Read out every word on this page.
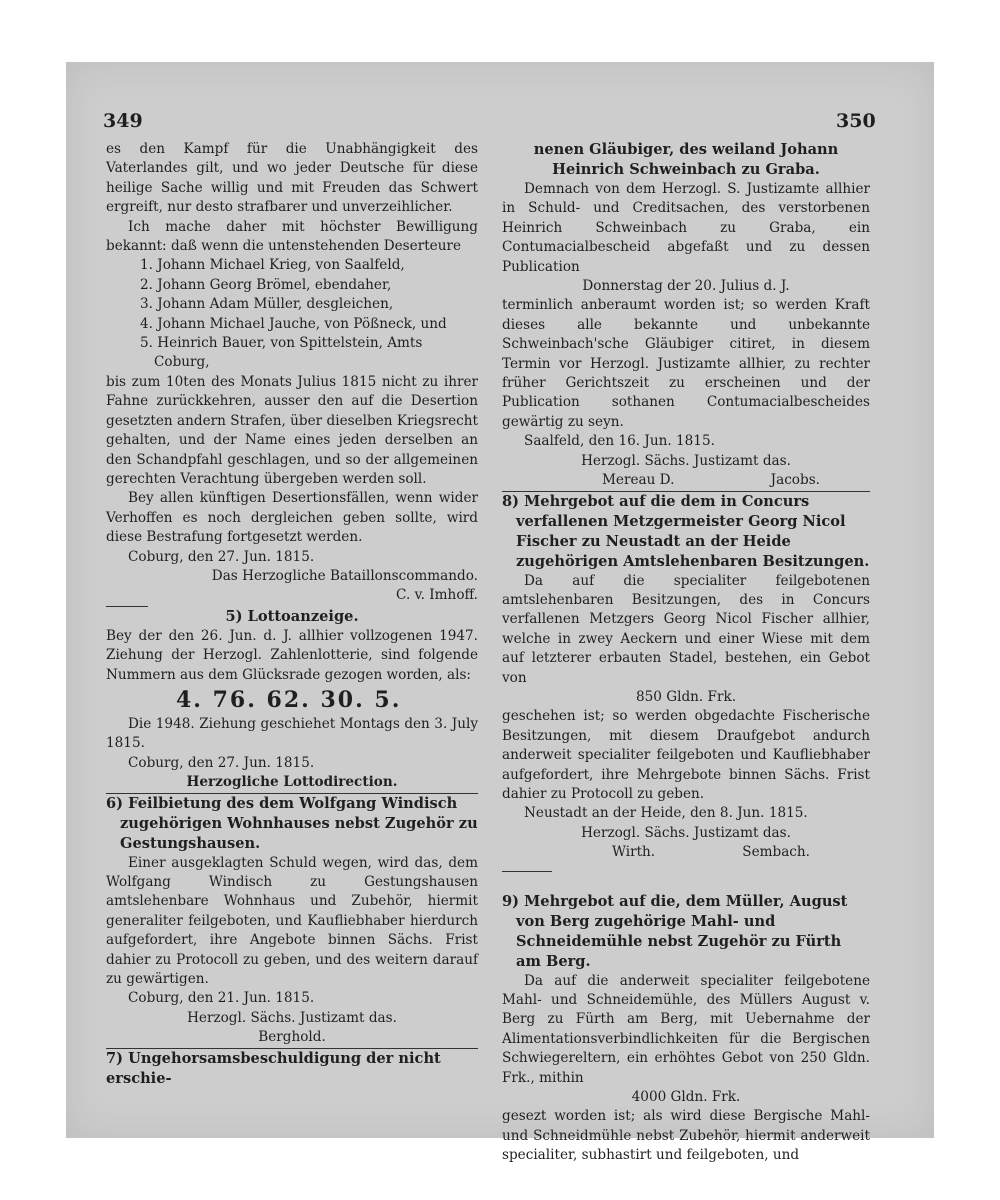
349	350

es den Kampf für die Unabhängigkeit des Vaterlandes gilt, und wo jeder Deutsche für diese heilige Sache willig und mit Freuden das Schwert ergreift, nur desto strafbarer und unverzeihlicher.

Ich mache daher mit höchster Bewilligung bekannt: daß wenn die untenstehenden Deserteure

1. Johann Michael Krieg, von Saalfeld,
2. Johann Georg Brömel, ebendaher,
3. Johann Adam Müller, desgleichen,
4. Johann Michael Jauche, von Pößneck, und
5. Heinrich Bauer, von Spittelstein, Amts Coburg,

bis zum 10ten des Monats Julius 1815 nicht zu ihrer Fahne zurückkehren, ausser den auf die Desertion gesetzten andern Strafen, über dieselben Kriegsrecht gehalten, und der Name eines jeden derselben an den Schandpfahl geschlagen, und so der allgemeinen gerechten Verachtung übergeben werden soll.

Bey allen künftigen Desertionsfällen, wenn wider Verhoffen es noch dergleichen geben sollte, wird diese Bestrafung fortgesetzt werden.

Coburg, den 27. Jun. 1815.

Das Herzogliche Bataillonscommando.

C. v. Imhoff.

5) Lottoanzeige.

Bey der den 26. Jun. d. J. allhier vollzogenen 1947. Ziehung der Herzogl. Zahlenlotterie, sind folgende Nummern aus dem Glücksrade gezogen worden, als:

4. 76. 62. 30. 5.

Die 1948. Ziehung geschiehet Montags den 3. July 1815.

Coburg, den 27. Jun. 1815.

Herzogliche Lottodirection.

6) Feilbietung des dem Wolfgang Windisch zugehörigen Wohnhauses nebst Zugehör zu Gestungshausen.

Einer ausgeklagten Schuld wegen, wird das, dem Wolfgang Windisch zu Gestungshausen amtslehenbare Wohnhaus und Zubehör, hiermit generaliter feilgeboten, und Kaufliebhaber hierdurch aufgefordert, ihre Angebote binnen Sächs. Frist dahier zu Protocoll zu geben, und des weitern darauf zu gewärtigen.

Coburg, den 21. Jun. 1815.

Herzogl. Sächs. Justizamt das.

Berghold.

7) Ungehorsamsbeschuldigung der nicht erschie-

nenen Gläubiger, des weiland Johann Heinrich Schweinbach zu Graba.

Demnach von dem Herzogl. S. Justizamte allhier in Schuld- und Creditsachen, des verstorbenen Heinrich Schweinbach zu Graba, ein Contumacialbescheid abgefaßt und zu dessen Publication

Donnerstag der 20. Julius d. J.

terminlich anberaumt worden ist; so werden Kraft dieses alle bekannte und unbekannte Schweinbach'sche Gläubiger citiret, in diesem Termin vor Herzogl. Justizamte allhier, zu rechter früher Gerichtszeit zu erscheinen und der Publication sothanen Contumacialbescheides gewärtig zu seyn.

Saalfeld, den 16. Jun. 1815.

Herzogl. Sächs. Justizamt das.

Mereau D.	Jacobs.

8) Mehrgebot auf die dem in Concurs verfallenen Metzgermeister Georg Nicol Fischer zu Neustadt an der Heide zugehörigen Amtslehenbaren Besitzungen.

Da auf die specialiter feilgebotenen amtslehenbaren Besitzungen, des in Concurs verfallenen Metzgers Georg Nicol Fischer allhier, welche in zwey Aeckern und einer Wiese mit dem auf letzterer erbauten Stadel, bestehen, ein Gebot von

850 Gldn. Frk.

geschehen ist; so werden obgedachte Fischerische Besitzungen, mit diesem Draufgebot andurch anderweit specialiter feilgeboten und Kaufliebhaber aufgefordert, ihre Mehrgebote binnen Sächs. Frist dahier zu Protocoll zu geben.

Neustadt an der Heide, den 8. Jun. 1815.

Herzogl. Sächs. Justizamt das.

Wirth.	Sembach.

9) Mehrgebot auf die, dem Müller, August von Berg zugehörige Mahl- und Schneidemühle nebst Zugehör zu Fürth am Berg.

Da auf die anderweit specialiter feilgebotene Mahl- und Schneidemühle, des Müllers August v. Berg zu Fürth am Berg, mit Uebernahme der Alimentationsverbindlichkeiten für die Bergischen Schwiegereltern, ein erhöhtes Gebot von 250 Gldn. Frk., mithin

4000 Gldn. Frk.

gesezt worden ist; als wird diese Bergische Mahl- und Schneidmühle nebst Zubehör, hiermit anderweit specialiter, subhastirt und feilgeboten, und
